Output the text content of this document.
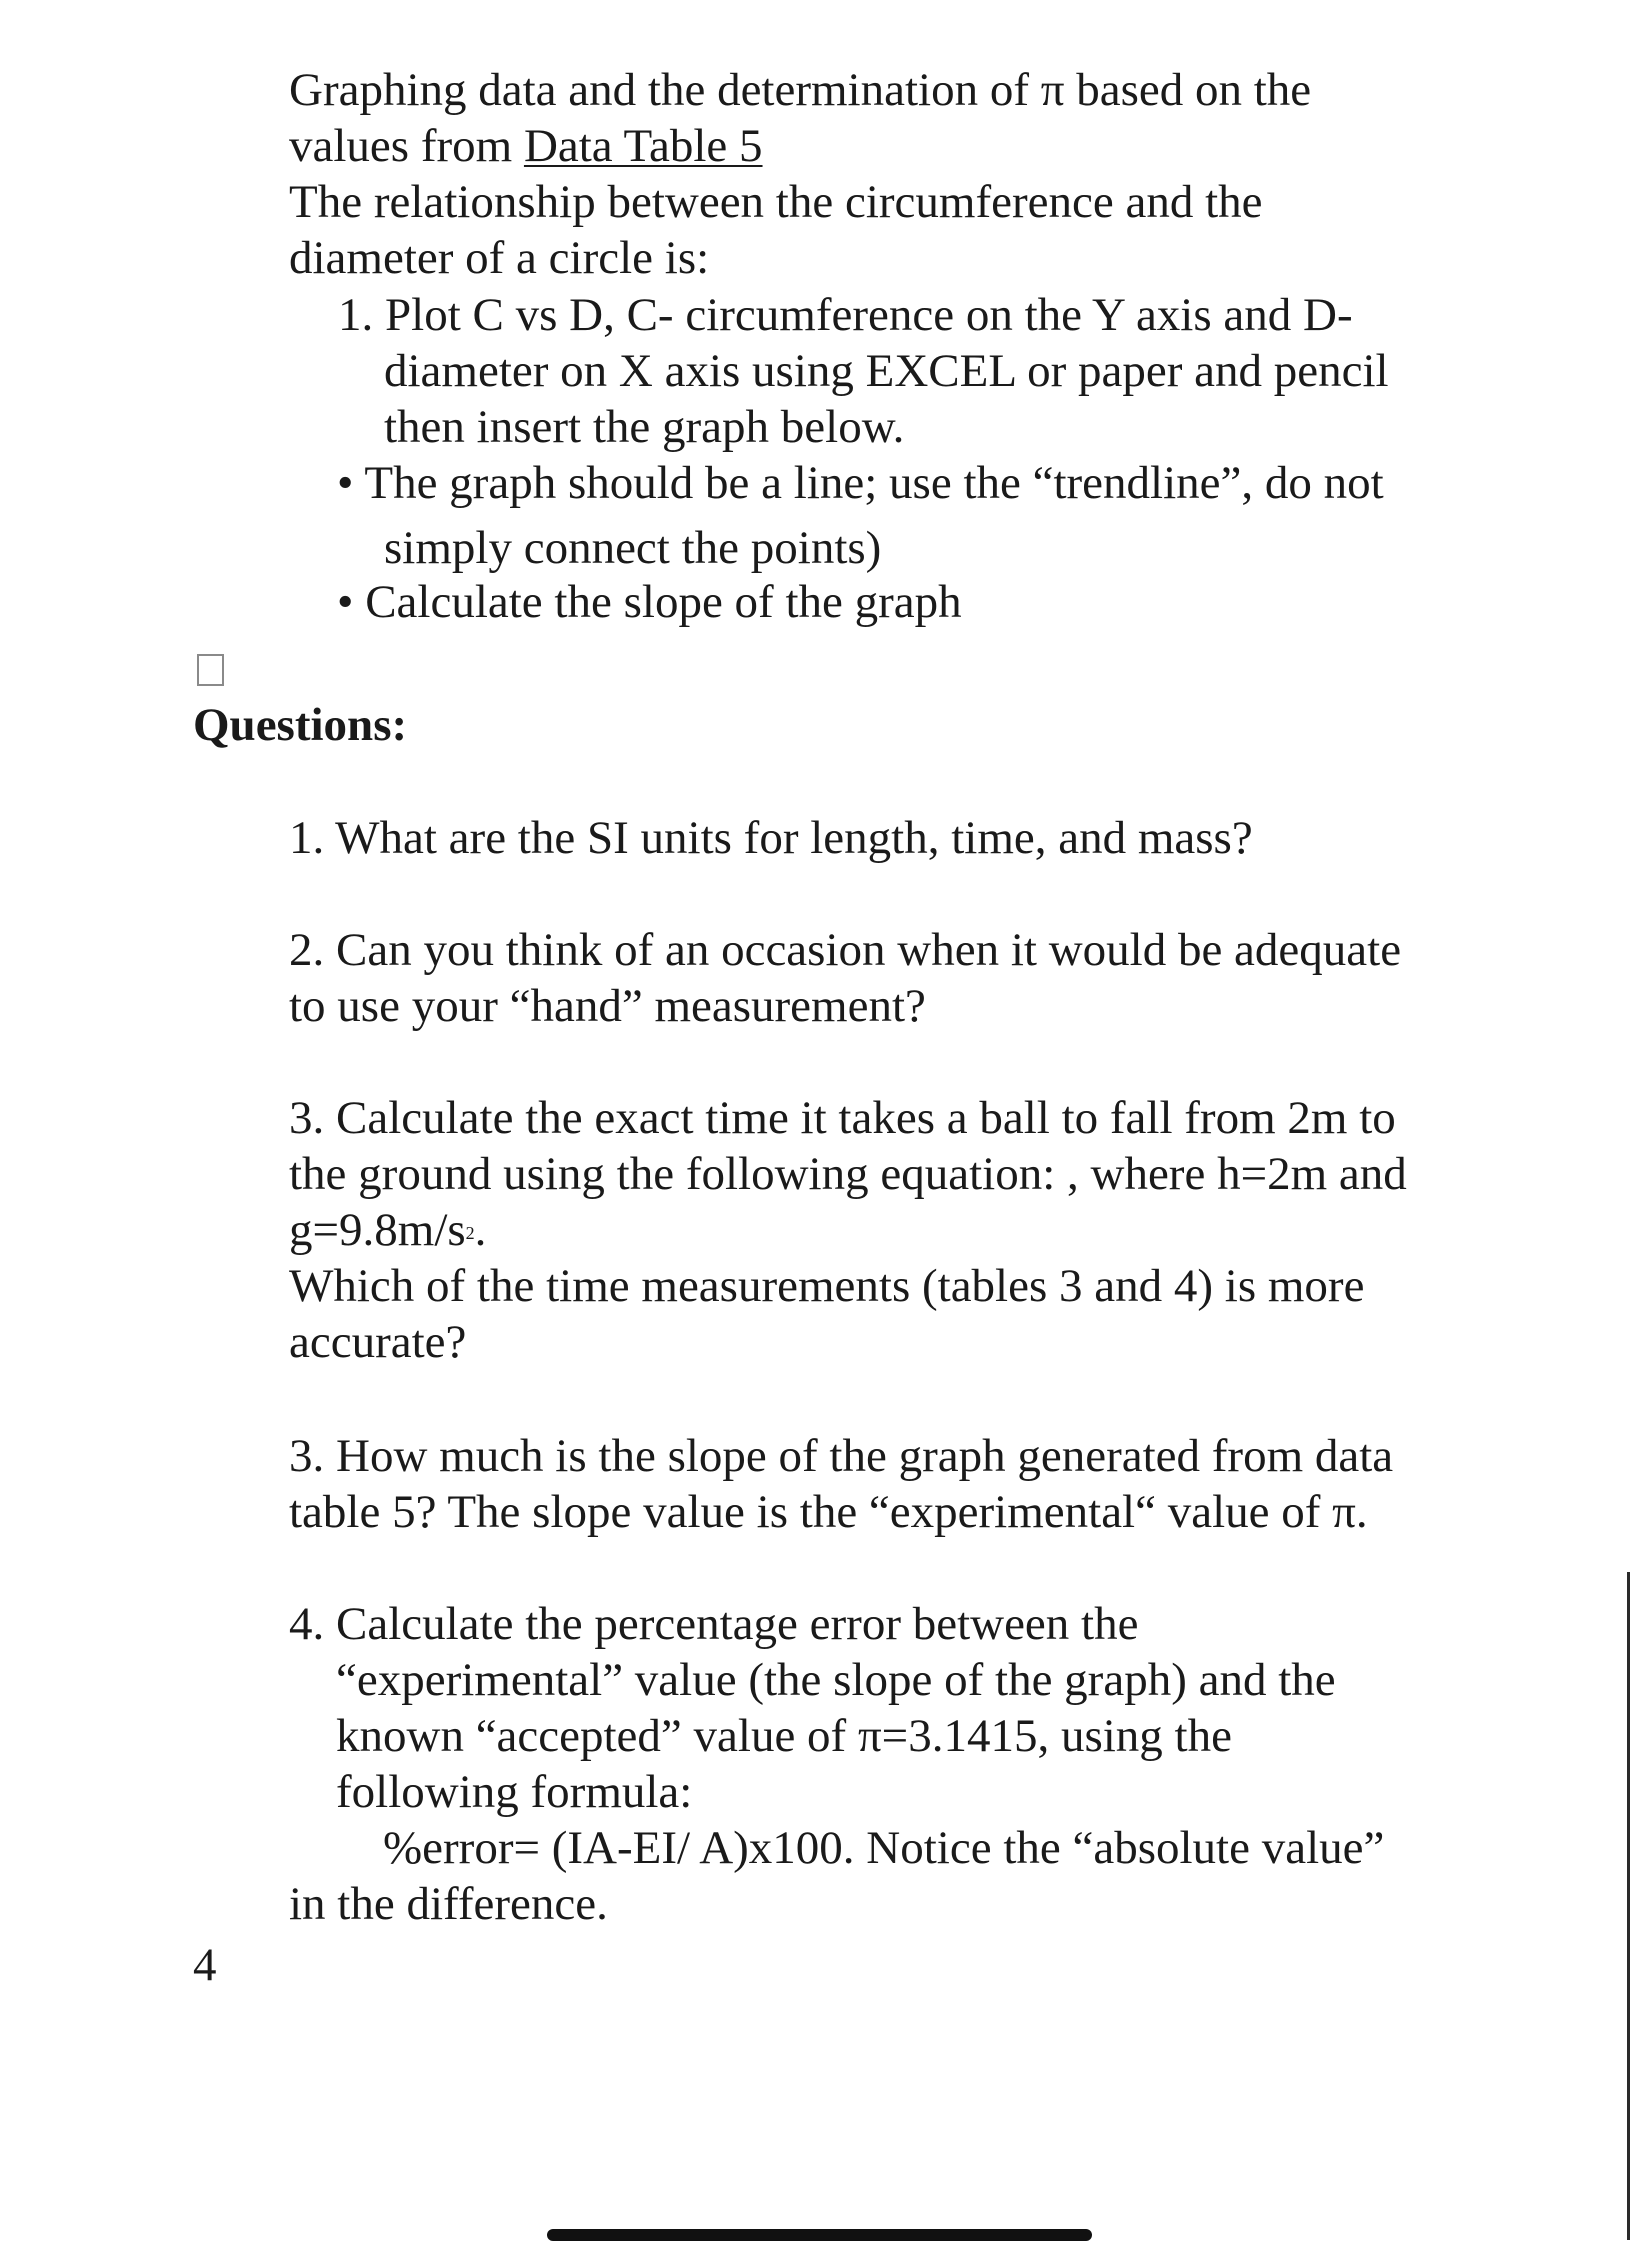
Graphing data and the determination of π based on the

values from Data Table 5

The relationship between the circumference and the

diameter of a circle is:

1. Plot C vs D, C- circumference on the Y axis and D-

diameter on X axis using EXCEL or paper and pencil

then insert the graph below.

• The graph should be a line; use the “trendline”, do not

simply connect the points)

• Calculate the slope of the graph

Questions:

1. What are the SI units for length, time, and mass?

2. Can you think of an occasion when it would be adequate

to use your “hand” measurement?

3. Calculate the exact time it takes a ball to fall from 2m to

the ground using the following equation: , where h=2m and

$g=9.8m/s^2$.

Which of the time measurements (tables 3 and 4) is more

accurate?

3. How much is the slope of the graph generated from data

table 5? The slope value is the “experimental“ value of π.

4. Calculate the percentage error between the

“experimental” value (the slope of the graph) and the

known “accepted” value of π=3.1415, using the

following formula:

%error= (IA-EI/ A)x100. Notice the “absolute value”

in the difference.

4
